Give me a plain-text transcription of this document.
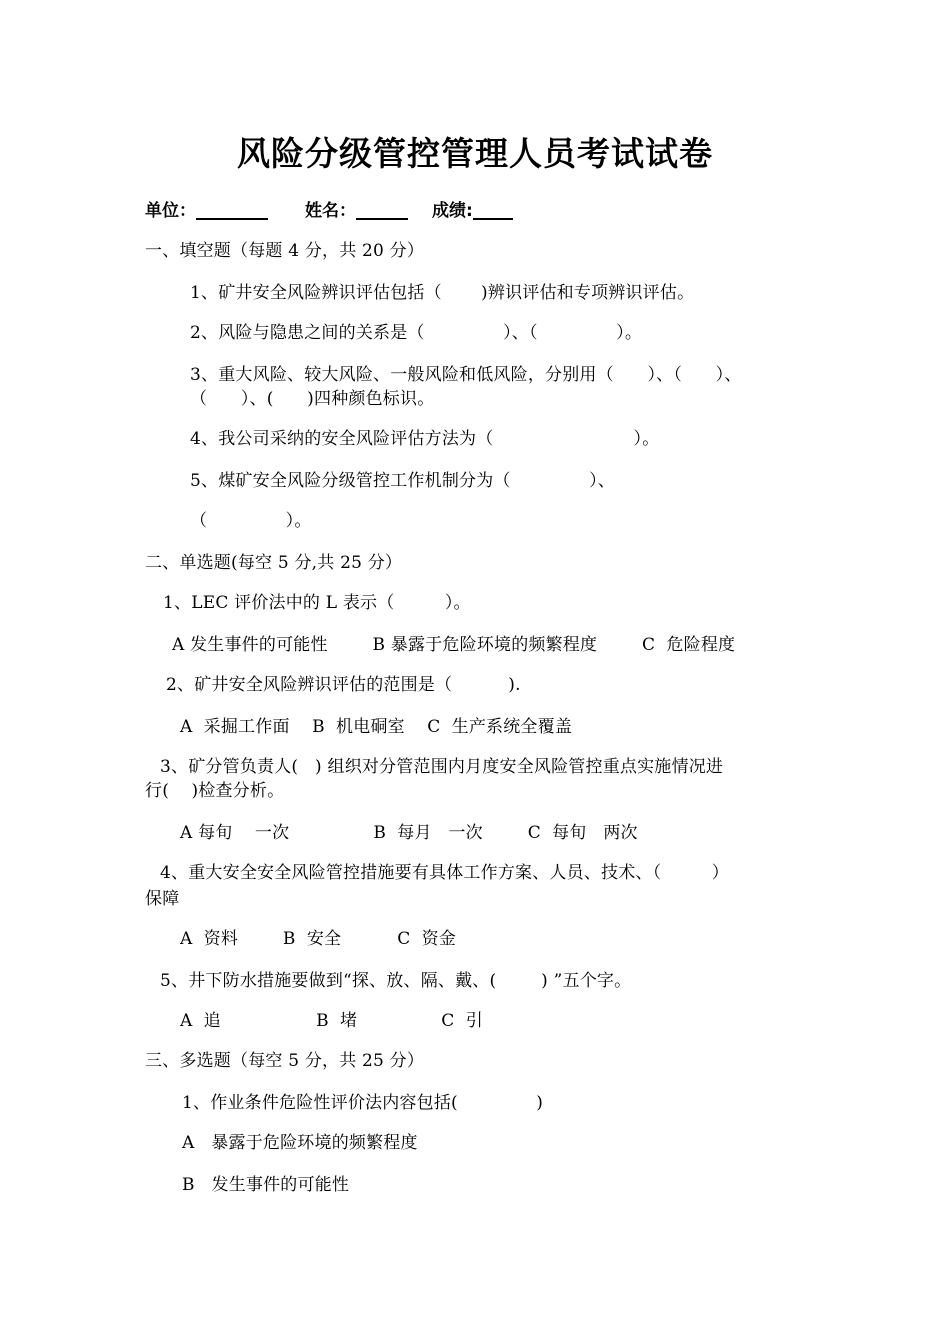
风险分级管控管理人员考试试卷
单位：	姓名：	成绩:
一、填空题（每题 4 分，共 20 分）
1、矿井安全风险辨识评估包括（       )辨识评估和专项辨识评估。
2、风险与隐患之间的关系是（              ）、（              ）。
3、重大风险、较大风险、一般风险和低风险，分别用（      ）、（      ）、
（      ）、(      )四种颜色标识。
4、我公司采纳的安全风险评估方法为（                         ）。
5、煤矿安全风险分级管控工作机制分为（              ）、
（              ）。
二、单选题(每空 5 分,共 25 分）
1、LEC 评价法中的 L 表示（         ）。
A 发生事件的可能性        B 暴露于危险环境的频繁程度        C  危险程度
2、矿井安全风险辨识评估的范围是（          ).
A  采掘工作面    B  机电硐室    C  生产系统全覆盖
3、矿分管负责人(   ) 组织对分管范围内月度安全风险管控重点实施情况进
行(    )检查分析。
A 每旬    一次               B  每月   一次        C  每旬   两次
4、重大安全安全风险管控措施要有具体工作方案、人员、技术、（         ）
保障
A  资料        B  安全          C  资金
5、井下防水措施要做到“探、放、隔、戴、(        ) ”五个字。
A  追                 B  堵               C  引
三、多选题（每空 5 分，共 25 分）
1、作业条件危险性评价法内容包括(              )
A   暴露于危险环境的频繁程度
B   发生事件的可能性
